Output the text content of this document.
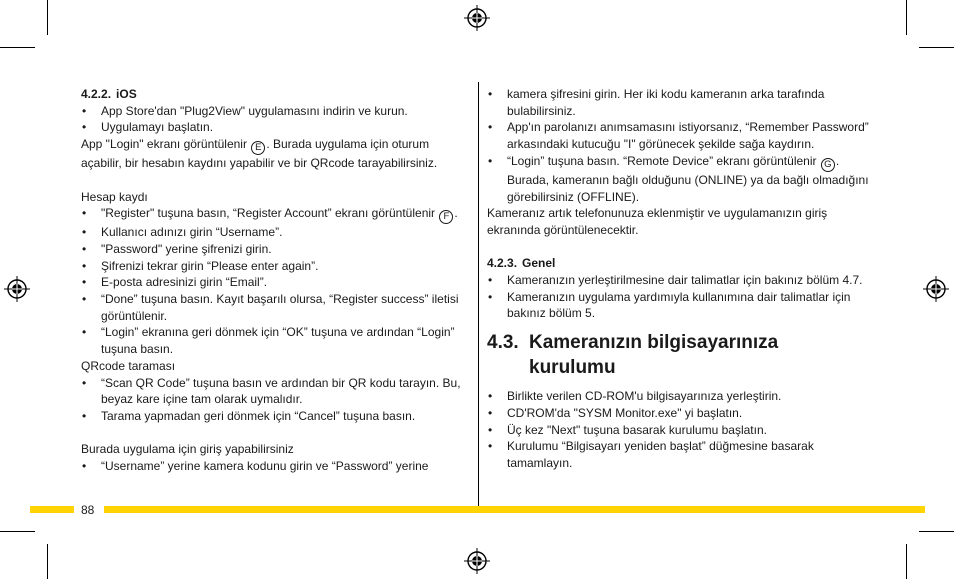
4.2.2. iOS
• App Store'dan "Plug2View" uygulamasını indirin ve kurun.
• Uygulamayı başlatın.
App "Login" ekranı görüntülenir E . Burada uygulama için oturum açabilir, bir hesabın kaydını yapabilir ve bir QRcode tarayabilirsiniz.
Hesap kaydı
• "Register" tuşuna basın, “Register Account” ekranı görüntülenir F .
• Kullanıcı adınızı girin “Username”.
• "Password" yerine şifrenizi girin.
• Şifrenizi tekrar girin “Please enter again”.
• E-posta adresinizi girin “Email”.
• “Done” tuşuna basın. Kayıt başarılı olursa, “Register success” iletisi görüntülenir.
• “Login” ekranına geri dönmek için “OK” tuşuna ve ardından “Login” tuşuna basın.
QRcode taraması
• “Scan QR Code” tuşuna basın ve ardından bir QR kodu tarayın. Bu, beyaz kare içine tam olarak uymalıdır.
• Tarama yapmadan geri dönmek için “Cancel” tuşuna basın.
Burada uygulama için giriş yapabilirsiniz
• “Username” yerine kamera kodunu girin ve “Password” yerine
• kamera şifresini girin. Her iki kodu kameranın arka tarafında bulabilirsiniz.
• App'ın parolanızı anımsamasını istiyorsanız, “Remember Password” arkasındaki kutucuğu "I" görünecek şekilde sağa kaydırın.
• “Login” tuşuna basın. “Remote Device” ekranı görüntülenir G . Burada, kameranın bağlı olduğunu (ONLINE) ya da bağlı olmadığını görebilirsiniz (OFFLINE).
Kameranız artık telefonunuza eklenmiştir ve uygulamanızın giriş ekranında görüntülenecektir.
4.2.3. Genel
• Kameranızın yerleştirilmesine dair talimatlar için bakınız bölüm 4.7.
• Kameranızın uygulama yardımıyla kullanımına dair talimatlar için bakınız bölüm 5.
4.3. Kameranızın bilgisayarınıza kurulumu
• Birlikte verilen CD-ROM'u bilgisayarınıza yerleştirin.
• CD'ROM'da "SYSM Monitor.exe" yi başlatın.
• Üç kez "Next" tuşuna basarak kurulumu başlatın.
• Kurulumu “Bilgisayarı yeniden başlat” düğmesine basarak tamamlayın.
88
